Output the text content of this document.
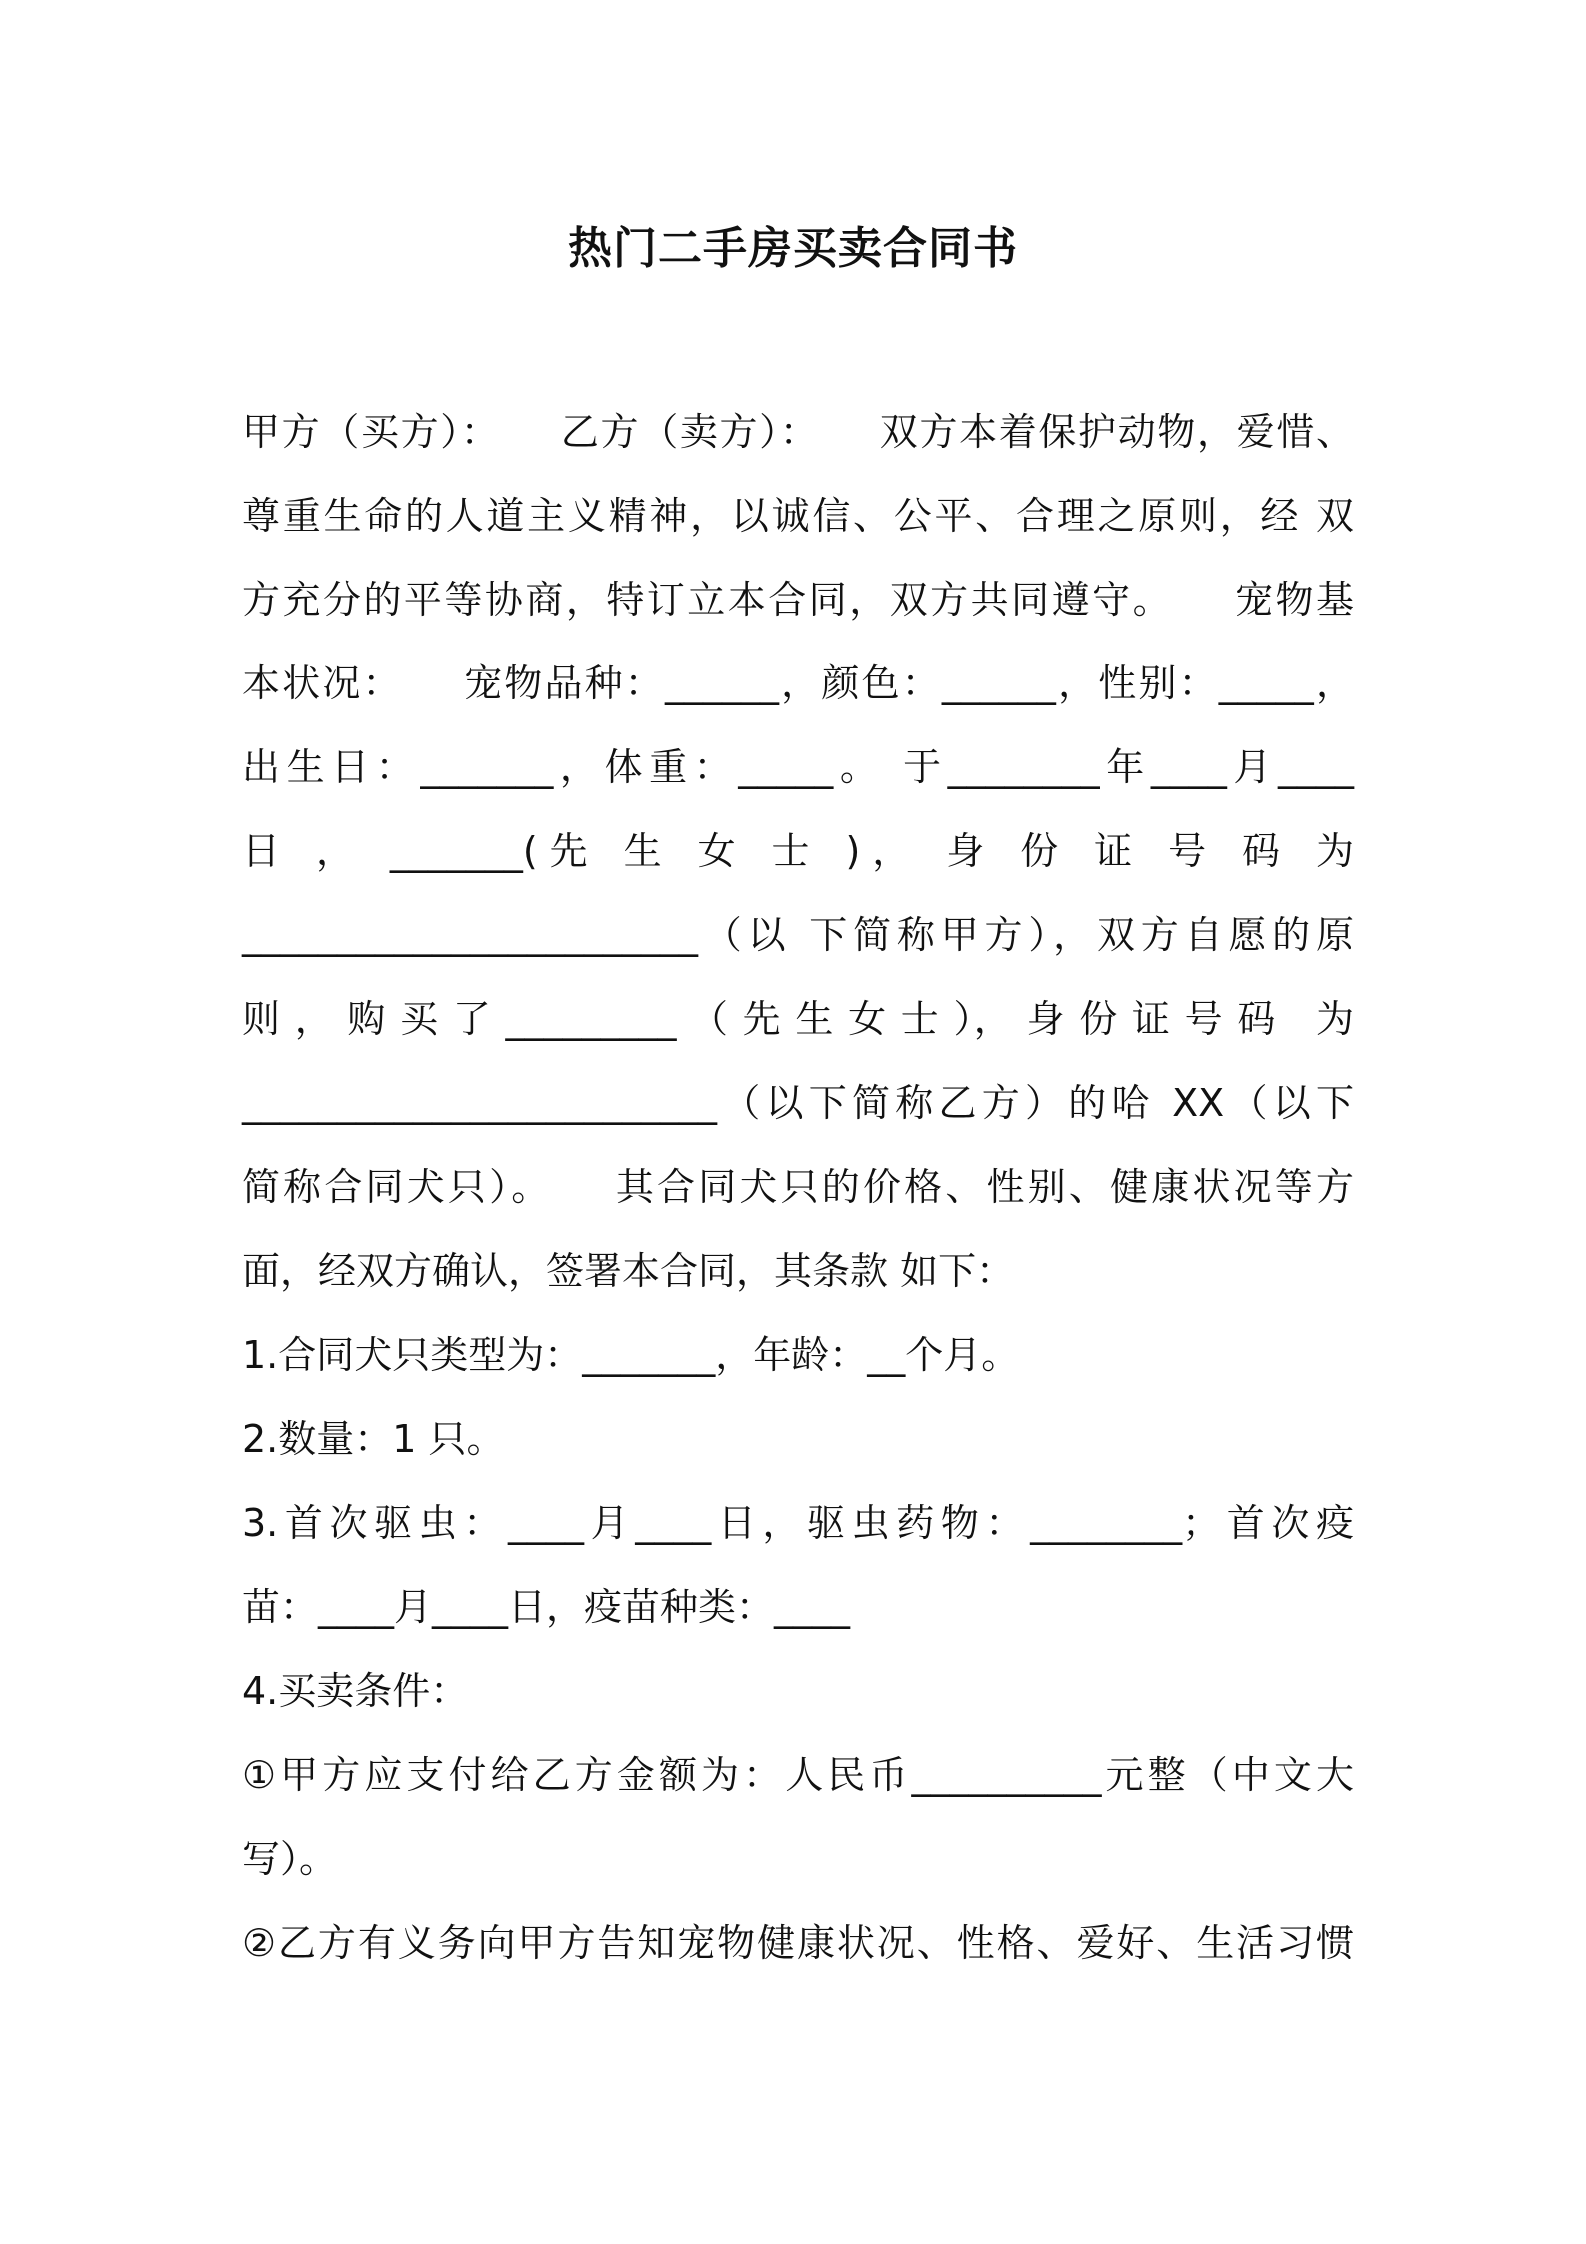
热门二手房买卖合同书

甲方（买方）：　　乙方（卖方）：　　双方本着保护动物，爱惜、

尊重生命的人道主义精神，以诚信、公平、合理之原则，经 双

方充分的平等协商，特订立本合同，双方共同遵守。　　宠物基

本状况：　　宠物品种：______，颜色：______，性别：_____，

出生日：_______，体重：_____。 于________年____月____

日 ， _______(先 生 女 士 )， 身 份 证 号 码 为

________________________（以 下简称甲方），双方自愿的原

则 ， 购 买 了 _________ （ 先 生 女 士 ）， 身 份 证 号 码　为

_________________________（以下简称乙方）的哈 XX（以下

简称合同犬只）。　　其合同犬只的价格、性别、健康状况等方

面，经双方确认，签署本合同，其条款 如下：

1.合同犬只类型为：_______，年龄：__个月。

2.数量：1 只。

3.首次驱虫：____月____日，驱虫药物：________；首次疫

苗：____月____日，疫苗种类：____

4.买卖条件：

①甲方应支付给乙方金额为：人民币__________元整（中文大

写）。

②乙方有义务向甲方告知宠物健康状况、性格、爱好、生活习惯
